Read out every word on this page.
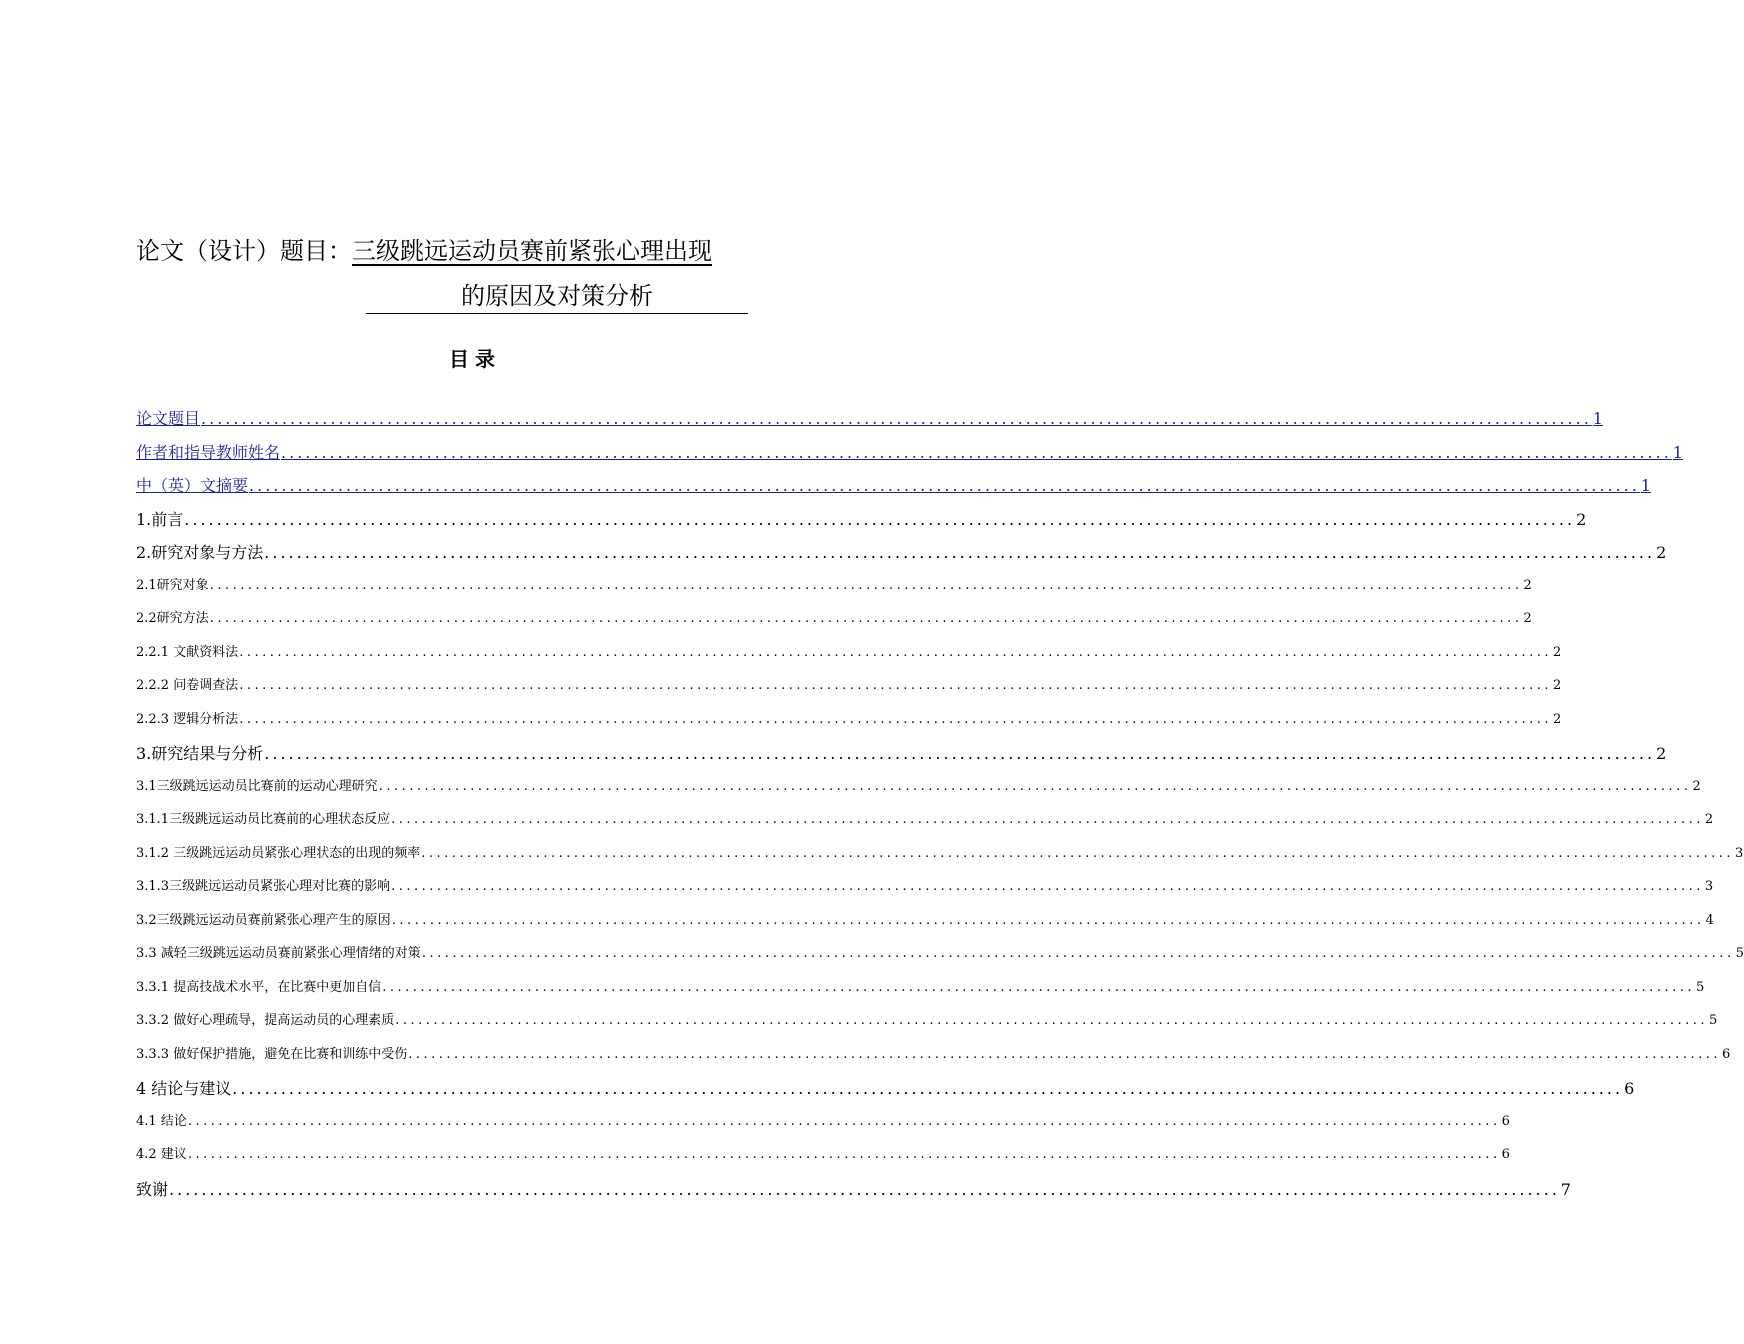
论文（设计）题目：三级跳远运动员赛前紧张心理出现
的原因及对策分析
目录
论文题目 ............................................................................................................................................................................ 1
作者和指导教师姓名 ............................................................................................................................................................................ 1
中（英）文摘要 ............................................................................................................................................................................ 1
1.前言 ............................................................................................................................................................................ 2
2.研究对象与方法 ............................................................................................................................................................................ 2
2.1研究对象 ............................................................................................................................................................................ 2
2.2研究方法 ............................................................................................................................................................................ 2
2.2.1 文献资料法 ............................................................................................................................................................................ 2
2.2.2 问卷调查法 ............................................................................................................................................................................ 2
2.2.3 逻辑分析法 ............................................................................................................................................................................ 2
3.研究结果与分析 ............................................................................................................................................................................ 2
3.1三级跳远运动员比赛前的运动心理研究 ............................................................................................................................................................................ 2
3.1.1三级跳远运动员比赛前的心理状态反应 ............................................................................................................................................................................ 2
3.1.2 三级跳远运动员紧张心理状态的出现的频率 ............................................................................................................................................................................ 3
3.1.3三级跳远运动员紧张心理对比赛的影响 ............................................................................................................................................................................ 3
3.2三级跳远运动员赛前紧张心理产生的原因 ............................................................................................................................................................................ 4
3.3 减轻三级跳远运动员赛前紧张心理情绪的对策 ............................................................................................................................................................................ 5
3.3.1 提高技战术水平，在比赛中更加自信 ............................................................................................................................................................................ 5
3.3.2 做好心理疏导，提高运动员的心理素质 ............................................................................................................................................................................ 5
3.3.3 做好保护措施，避免在比赛和训练中受伤 ............................................................................................................................................................................ 6
4 结论与建议 ............................................................................................................................................................................ 6
4.1 结论 ............................................................................................................................................................................ 6
4.2 建议 ............................................................................................................................................................................ 6
致谢 ............................................................................................................................................................................ 7
